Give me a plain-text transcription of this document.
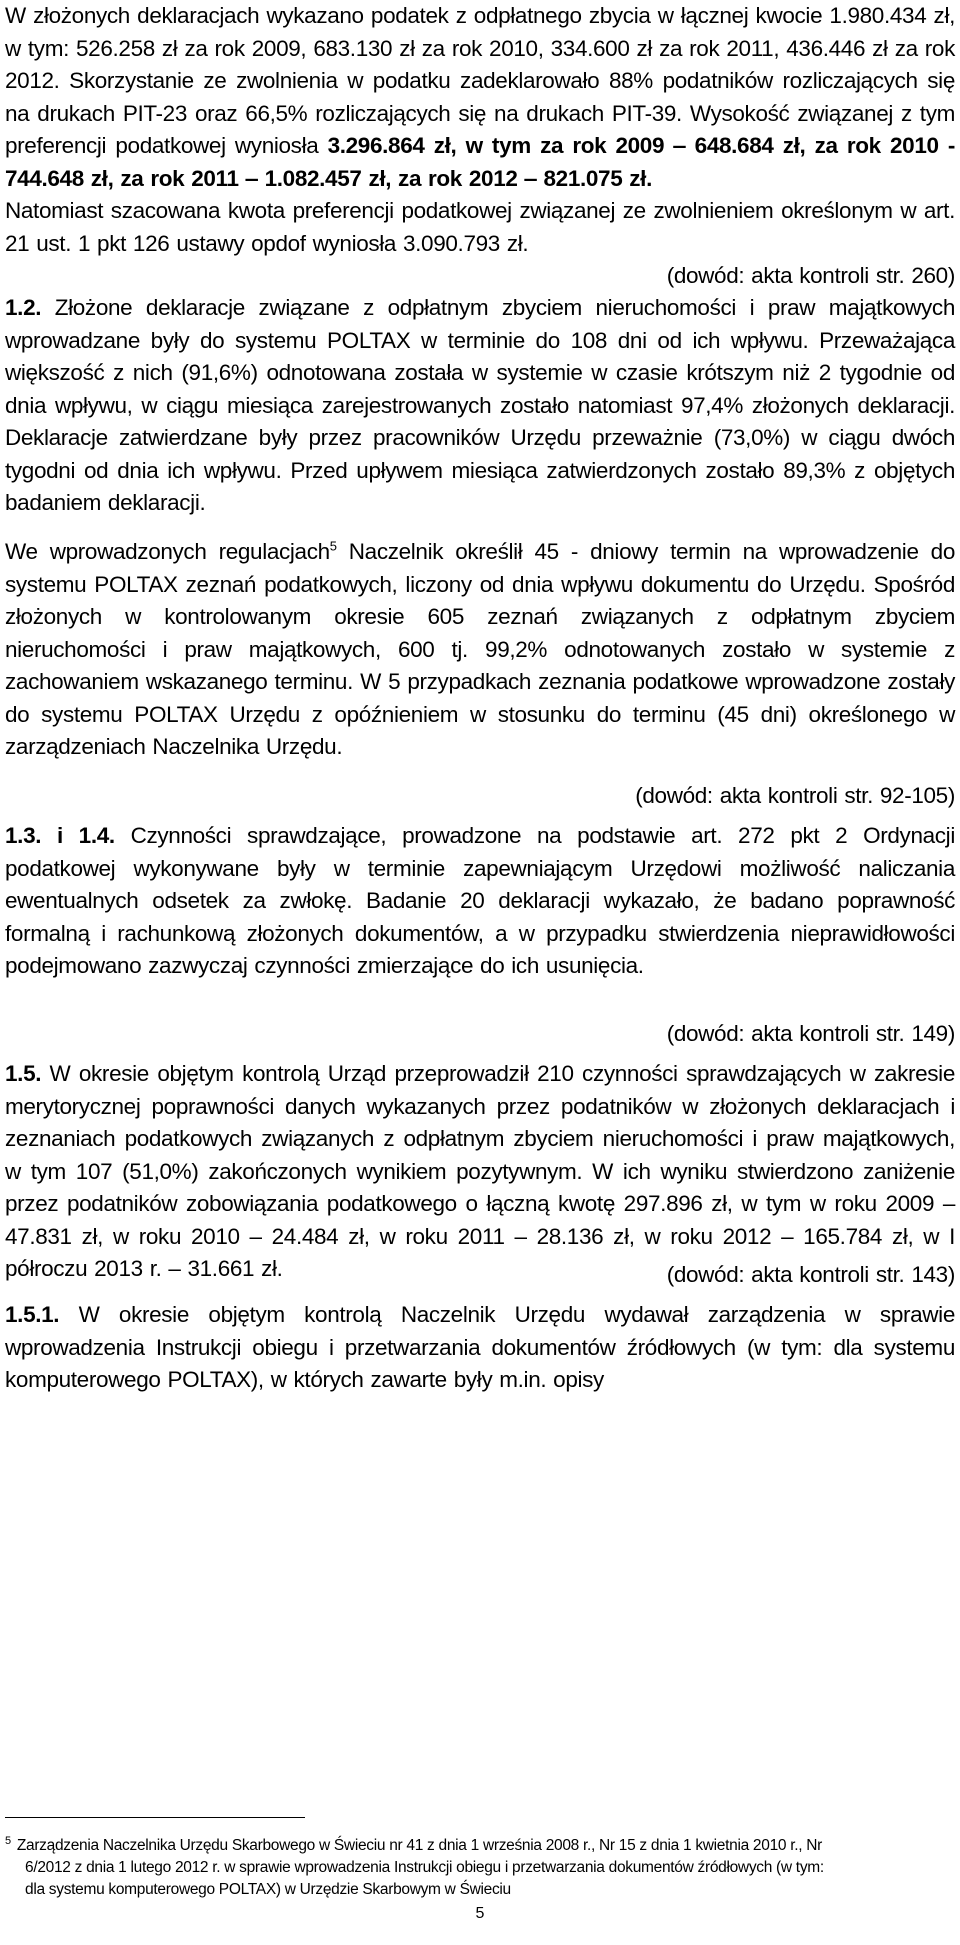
W złożonych deklaracjach wykazano podatek z odpłatnego zbycia w łącznej kwocie 1.980.434 zł, w tym: 526.258 zł za rok 2009, 683.130 zł za rok 2010, 334.600 zł za rok 2011, 436.446 zł za rok 2012. Skorzystanie ze zwolnienia w podatku zadeklarowało 88% podatników rozliczających się na drukach PIT-23 oraz 66,5% rozliczających się na drukach PIT-39. Wysokość związanej z tym preferencji podatkowej wyniosła 3.296.864 zł, w tym za rok 2009 ‒ 648.684 zł, za rok 2010 - 744.648 zł, za rok 2011 ‒ 1.082.457 zł, za rok 2012 ‒ 821.075 zł.

Natomiast szacowana kwota preferencji podatkowej związanej ze zwolnieniem określonym w art. 21 ust. 1 pkt 126 ustawy opdof wyniosła 3.090.793 zł.

(dowód: akta kontroli str. 260)

1.2. Złożone deklaracje związane z odpłatnym zbyciem nieruchomości i praw majątkowych wprowadzane były do systemu POLTAX w terminie do 108 dni od ich wpływu. Przeważająca większość z nich (91,6%) odnotowana została w systemie w czasie krótszym niż 2 tygodnie od dnia wpływu, w ciągu miesiąca zarejestrowanych zostało natomiast 97,4% złożonych deklaracji. Deklaracje zatwierdzane były przez pracowników Urzędu przeważnie (73,0%) w ciągu dwóch tygodni od dnia ich wpływu. Przed upływem miesiąca zatwierdzonych zostało 89,3% z objętych badaniem deklaracji.

We wprowadzonych regulacjach$^5$ Naczelnik określił 45 - dniowy termin na wprowadzenie do systemu POLTAX zeznań podatkowych, liczony od dnia wpływu dokumentu do Urzędu. Spośród złożonych w kontrolowanym okresie 605 zeznań związanych z odpłatnym zbyciem nieruchomości i praw majątkowych, 600 tj. 99,2% odnotowanych zostało w systemie z zachowaniem wskazanego terminu. W 5 przypadkach zeznania podatkowe wprowadzone zostały do systemu POLTAX Urzędu z opóźnieniem w stosunku do terminu (45 dni) określonego w zarządzeniach Naczelnika Urzędu.

(dowód: akta kontroli str. 92-105)

1.3. i 1.4. Czynności sprawdzające, prowadzone na podstawie art. 272 pkt 2 Ordynacji podatkowej wykonywane były w terminie zapewniającym Urzędowi możliwość naliczania ewentualnych odsetek za zwłokę. Badanie 20 deklaracji wykazało, że badano poprawność formalną i rachunkową złożonych dokumentów, a w przypadku stwierdzenia nieprawidłowości podejmowano zazwyczaj czynności zmierzające do ich usunięcia.

(dowód: akta kontroli str. 149)

1.5. W okresie objętym kontrolą Urząd przeprowadził 210 czynności sprawdzających w zakresie merytorycznej poprawności danych wykazanych przez podatników w złożonych deklaracjach i zeznaniach podatkowych związanych z odpłatnym zbyciem nieruchomości i praw majątkowych, w tym 107 (51,0%) zakończonych wynikiem pozytywnym. W ich wyniku stwierdzono zaniżenie przez podatników zobowiązania podatkowego o łączną kwotę 297.896 zł, w tym w roku 2009 ‒ 47.831 zł, w roku 2010 ‒ 24.484 zł, w roku 2011 ‒ 28.136 zł, w roku 2012 ‒ 165.784 zł, w I półroczu 2013 r. ‒ 31.661 zł.	(dowód: akta kontroli str. 143)

1.5.1. W okresie objętym kontrolą Naczelnik Urzędu wydawał zarządzenia w sprawie wprowadzenia Instrukcji obiegu i przetwarzania dokumentów źródłowych (w tym: dla systemu komputerowego POLTAX), w których zawarte były m.in. opisy

$^5$ Zarządzenia Naczelnika Urzędu Skarbowego w Świeciu nr 41 z dnia 1 września 2008 r., Nr 15 z dnia 1 kwietnia 2010 r., Nr
6/2012 z dnia 1 lutego 2012 r. w sprawie wprowadzenia Instrukcji obiegu i przetwarzania dokumentów źródłowych (w tym:
dla systemu komputerowego POLTAX) w Urzędzie Skarbowym w Świeciu
5
